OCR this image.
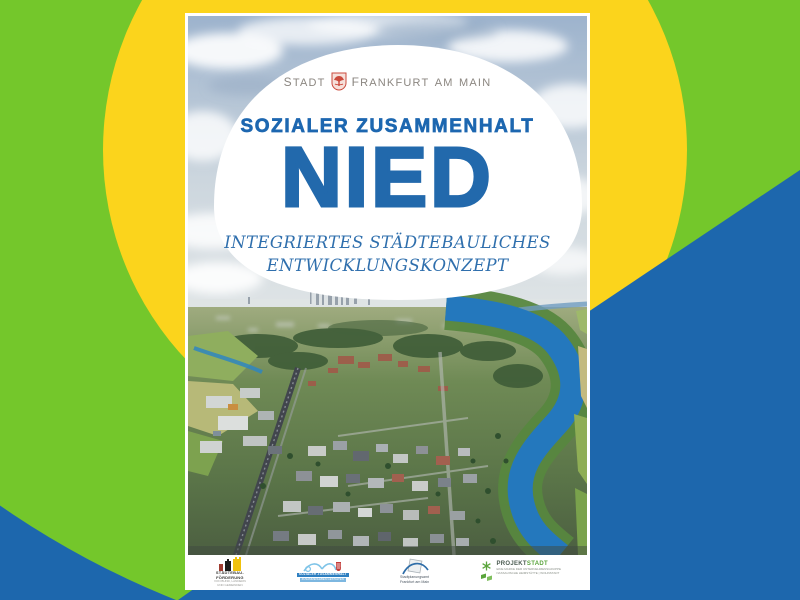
stadt frankfurt am main
SOZIALER ZUSAMMENHALT
NIED
INTEGRIERTES STÄDTEBAULICHES
ENTWICKLUNGSKONZEPT
STÄDTEBAU-
FÖRDERUNG
VON BUND, LÄNDERN
UND GEMEINDEN
SOZIALER ZUSAMMENHALT
ZUSAMMENLEBEN GESTALTEN
Stadtplanungsamt
Frankfurt am Main
PROJEKTSTADT
EINE MARKE DER UNTERNEHMENSGRUPPE
NASSAUISCHE HEIMSTÄTTE | WOHNSTADT
